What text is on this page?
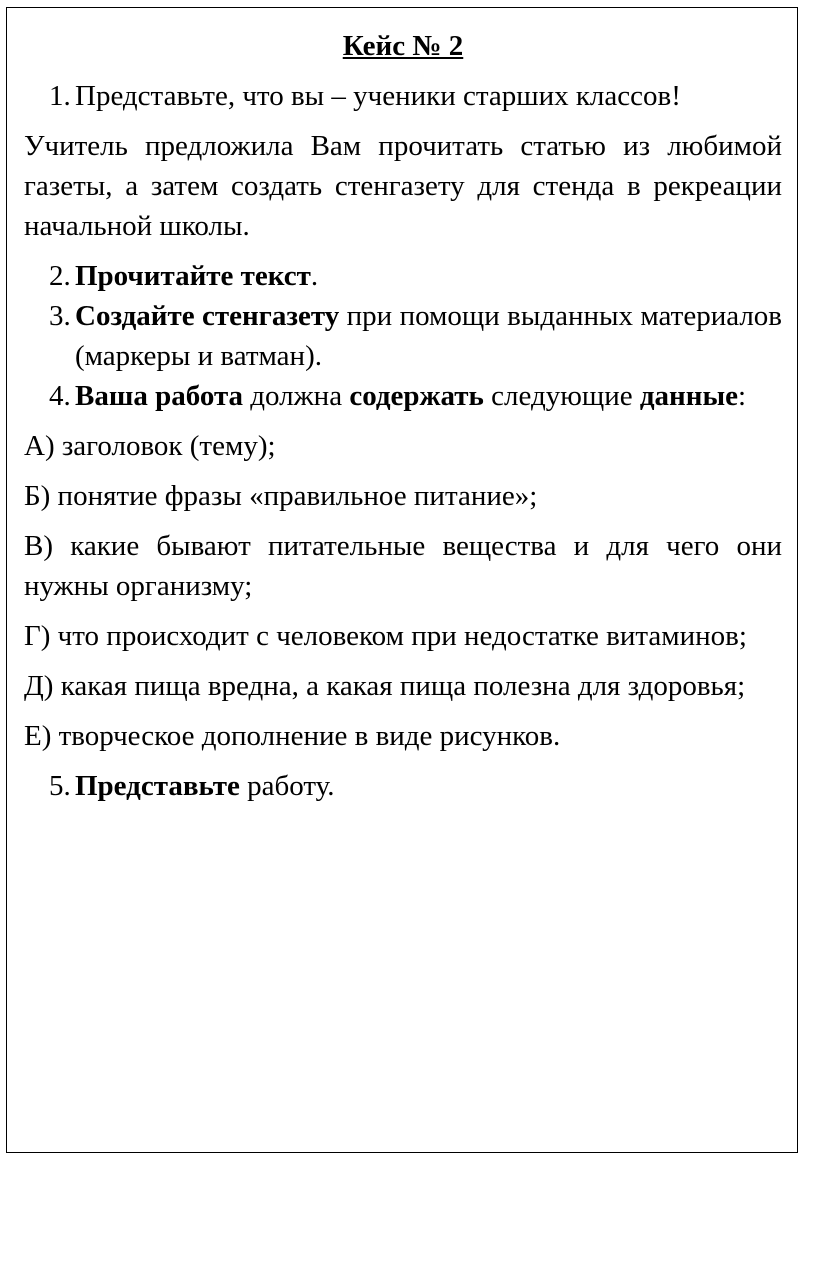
Кейс № 2
1. Представьте, что вы – ученики старших классов!
Учитель предложила Вам прочитать статью из любимой газеты, а затем создать стенгазету для стенда в рекреации начальной школы.
2. Прочитайте текст.
3. Создайте стенгазету при помощи выданных материалов (маркеры и ватман).
4. Ваша работа должна содержать следующие данные:
А) заголовок (тему);
Б) понятие фразы «правильное питание»;
В) какие бывают питательные вещества и для чего они нужны организму;
Г) что происходит с человеком при недостатке витаминов;
Д) какая пища вредна, а какая пища полезна для здоровья;
Е) творческое дополнение в виде рисунков.
5. Представьте работу.
